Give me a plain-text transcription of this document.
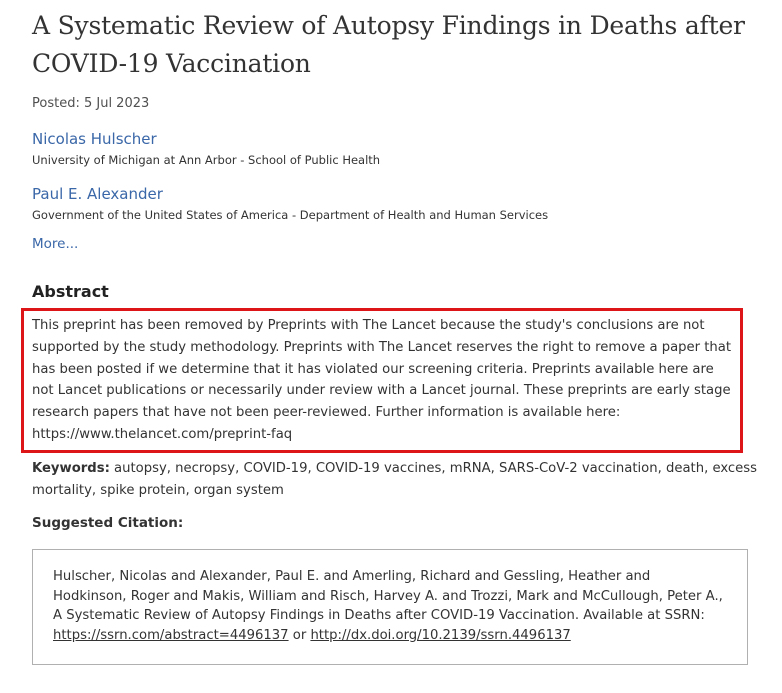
A Systematic Review of Autopsy Findings in Deaths after COVID-19 Vaccination
Posted: 5 Jul 2023
Nicolas Hulscher
University of Michigan at Ann Arbor - School of Public Health
Paul E. Alexander
Government of the United States of America - Department of Health and Human Services
More...
Abstract

This preprint has been removed by Preprints with The Lancet because the study's conclusions are not supported by the study methodology. Preprints with The Lancet reserves the right to remove a paper that has been posted if we determine that it has violated our screening criteria. Preprints available here are not Lancet publications or necessarily under review with a Lancet journal. These preprints are early stage research papers that have not been peer-reviewed. Further information is available here: https://www.thelancet.com/preprint-faq

Keywords: autopsy, necropsy, COVID-19, COVID-19 vaccines, mRNA, SARS-CoV-2 vaccination, death, excess mortality, spike protein, organ system
Suggested Citation:
Hulscher, Nicolas and Alexander, Paul E. and Amerling, Richard and Gessling, Heather and Hodkinson, Roger and Makis, William and Risch, Harvey A. and Trozzi, Mark and McCullough, Peter A., A Systematic Review of Autopsy Findings in Deaths after COVID-19 Vaccination. Available at SSRN: https://ssrn.com/abstract=4496137 or http://dx.doi.org/10.2139/ssrn.4496137
